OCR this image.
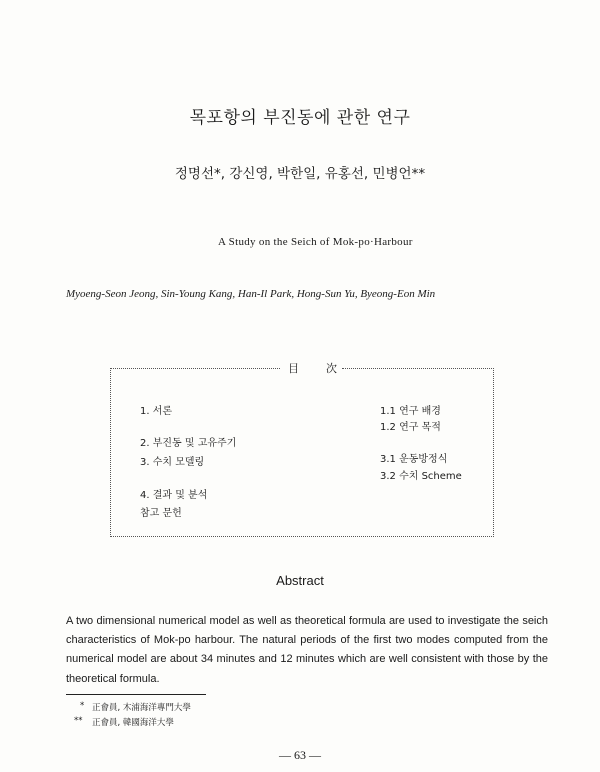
목포항의 부진동에 관한 연구
정명선*, 강신영, 박한일, 유홍선, 민병언**
A Study on the Seich of Mok-po·Harbour
Myoeng-Seon Jeong, Sin-Young Kang, Han-Il Park, Hong-Sun Yu, Byeong-Eon Min
目 次
1. 서론
2. 부진동 및 고유주기
3. 수치 모델링
4. 결과 및 분석
참고 문헌
1.1 연구 배경
1.2 연구 목적
3.1 운동방정식
3.2 수치 Scheme
Abstract
A two dimensional numerical model as well as theoretical formula are used to investigate the seich characteristics of Mok-po harbour. The natural periods of the first two modes computed from the numerical model are about 34 minutes and 12 minutes which are well consistent with those by the theoretical formula.
* 正會員, 木浦海洋專門大學
** 正會員, 韓國海洋大學
— 63 —
